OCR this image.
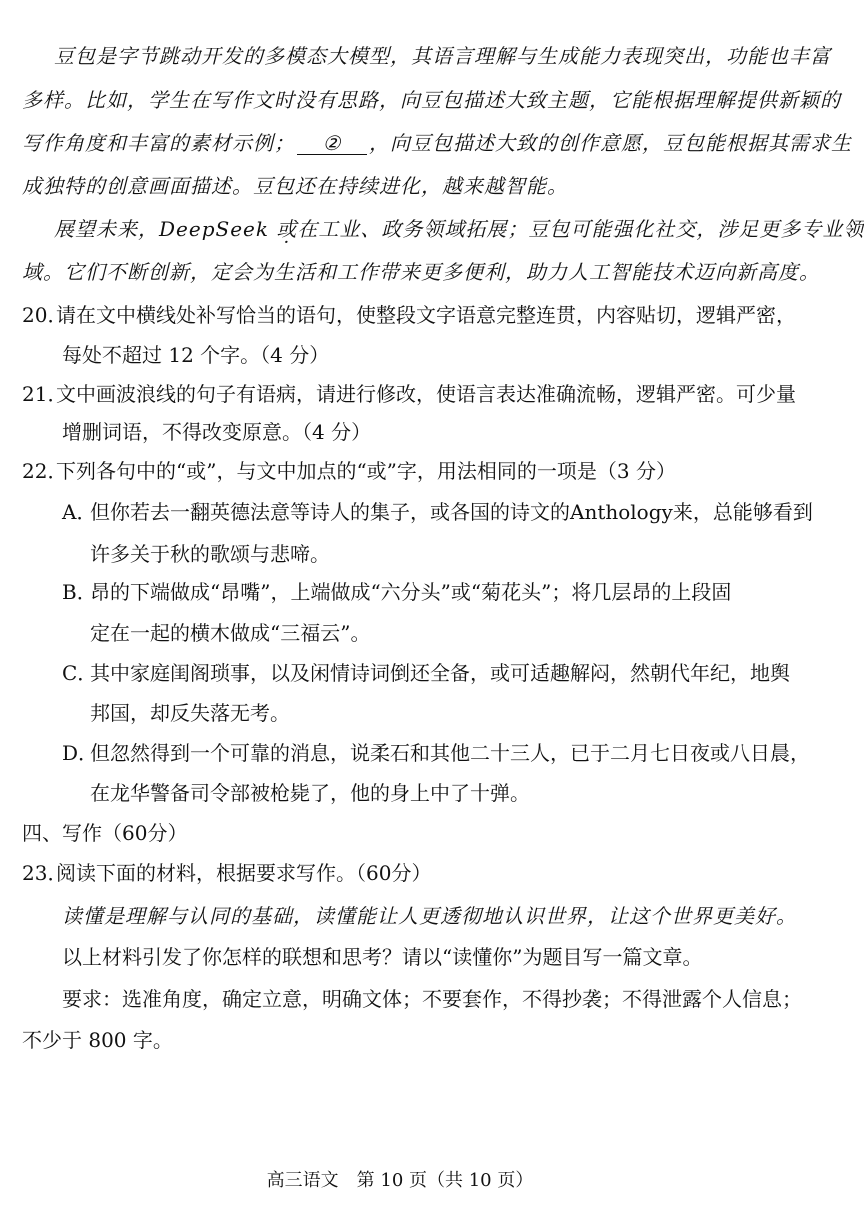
豆包是字节跳动开发的多模态大模型，其语言理解与生成能力表现突出，功能也丰富
多样。比如，学生在写作文时没有思路，向豆包描述大致主题，它能根据理解提供新颖的
写作角度和丰富的素材示例； ② ，向豆包描述大致的创作意愿，豆包能根据其需求生
成独特的创意画面描述。豆包还在持续进化，越来越智能。
展望未来，DeepSeek 或在工业、政务领域拓展；豆包可能强化社交，涉足更多专业领
域。它们不断创新，定会为生活和工作带来更多便利，助力人工智能技术迈向新高度。
20．请在文中横线处补写恰当的语句，使整段文字语意完整连贯，内容贴切，逻辑严密，
每处不超过 12 个字。（4 分）
21．文中画波浪线的句子有语病，请进行修改，使语言表达准确流畅，逻辑严密。可少量
增删词语，不得改变原意。（4 分）
22．下列各句中的“或”，与文中加点的“或”字，用法相同的一项是（3 分）
A．但你若去一翻英德法意等诗人的集子，或各国的诗文的Anthology来，总能够看到
许多关于秋的歌颂与悲啼。
B．昂的下端做成“昂嘴”，上端做成“六分头”或“菊花头”；将几层昂的上段固
定在一起的横木做成“三福云”。
C．其中家庭闺阁琐事，以及闲情诗词倒还全备，或可适趣解闷，然朝代年纪，地舆
邦国，却反失落无考。
D．但忽然得到一个可靠的消息，说柔石和其他二十三人，已于二月七日夜或八日晨，
在龙华警备司令部被枪毙了，他的身上中了十弹。
四、写作（60分）
23．阅读下面的材料，根据要求写作。（60分）
读懂是理解与认同的基础，读懂能让人更透彻地认识世界，让这个世界更美好。
以上材料引发了你怎样的联想和思考？请以“读懂你”为题目写一篇文章。
要求：选准角度，确定立意，明确文体；不要套作，不得抄袭；不得泄露个人信息；
不少于 800 字。
高三语文　第 10 页（共 10 页）
